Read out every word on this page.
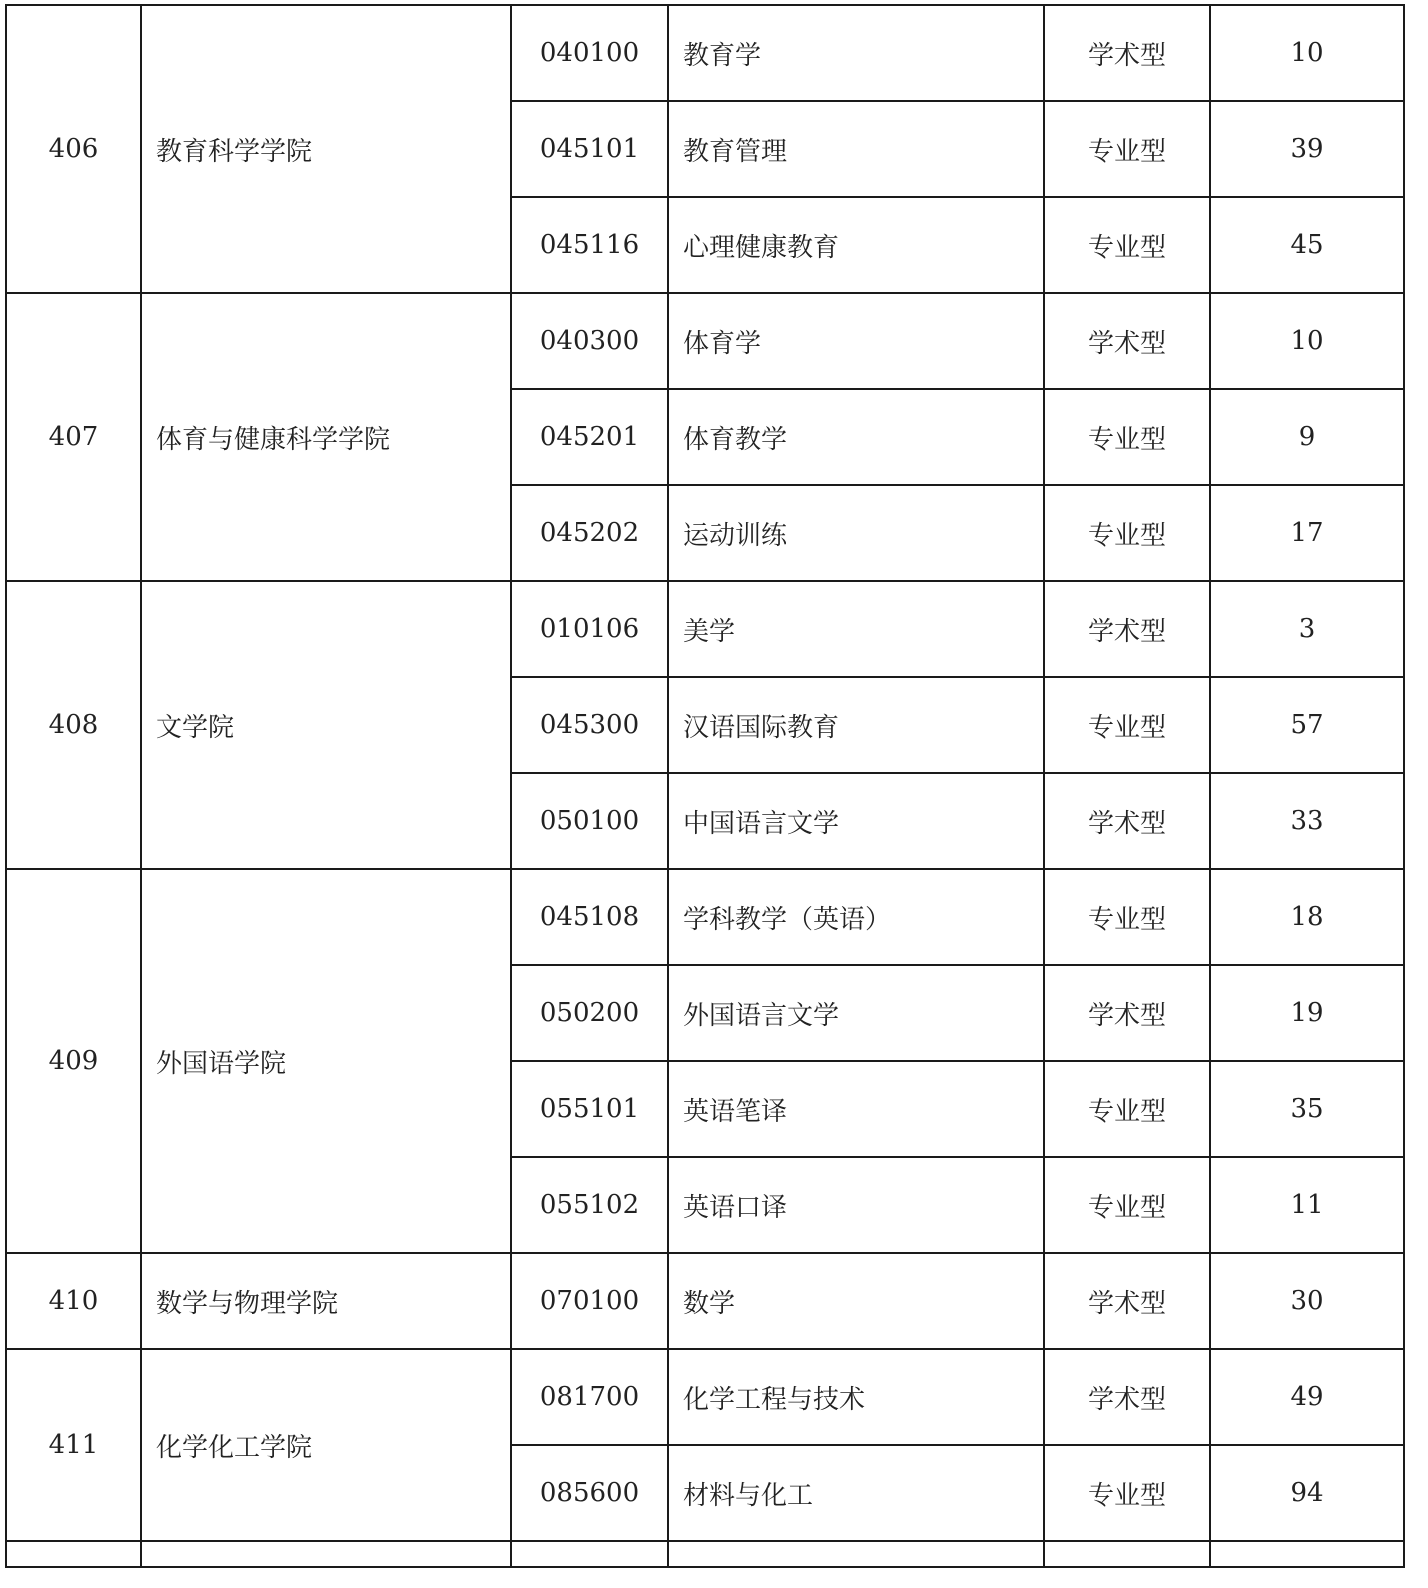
406	教育科学学院	040100	教育学	学术型	10
		045101	教育管理	专业型	39
		045116	心理健康教育	专业型	45
407	体育与健康科学学院	040300	体育学	学术型	10
		045201	体育教学	专业型	9
		045202	运动训练	专业型	17
408	文学院	010106	美学	学术型	3
		045300	汉语国际教育	专业型	57
		050100	中国语言文学	学术型	33
409	外国语学院	045108	学科教学（英语）	专业型	18
		050200	外国语言文学	学术型	19
		055101	英语笔译	专业型	35
		055102	英语口译	专业型	11
410	数学与物理学院	070100	数学	学术型	30
411	化学化工学院	081700	化学工程与技术	学术型	49
		085600	材料与化工	专业型	94
